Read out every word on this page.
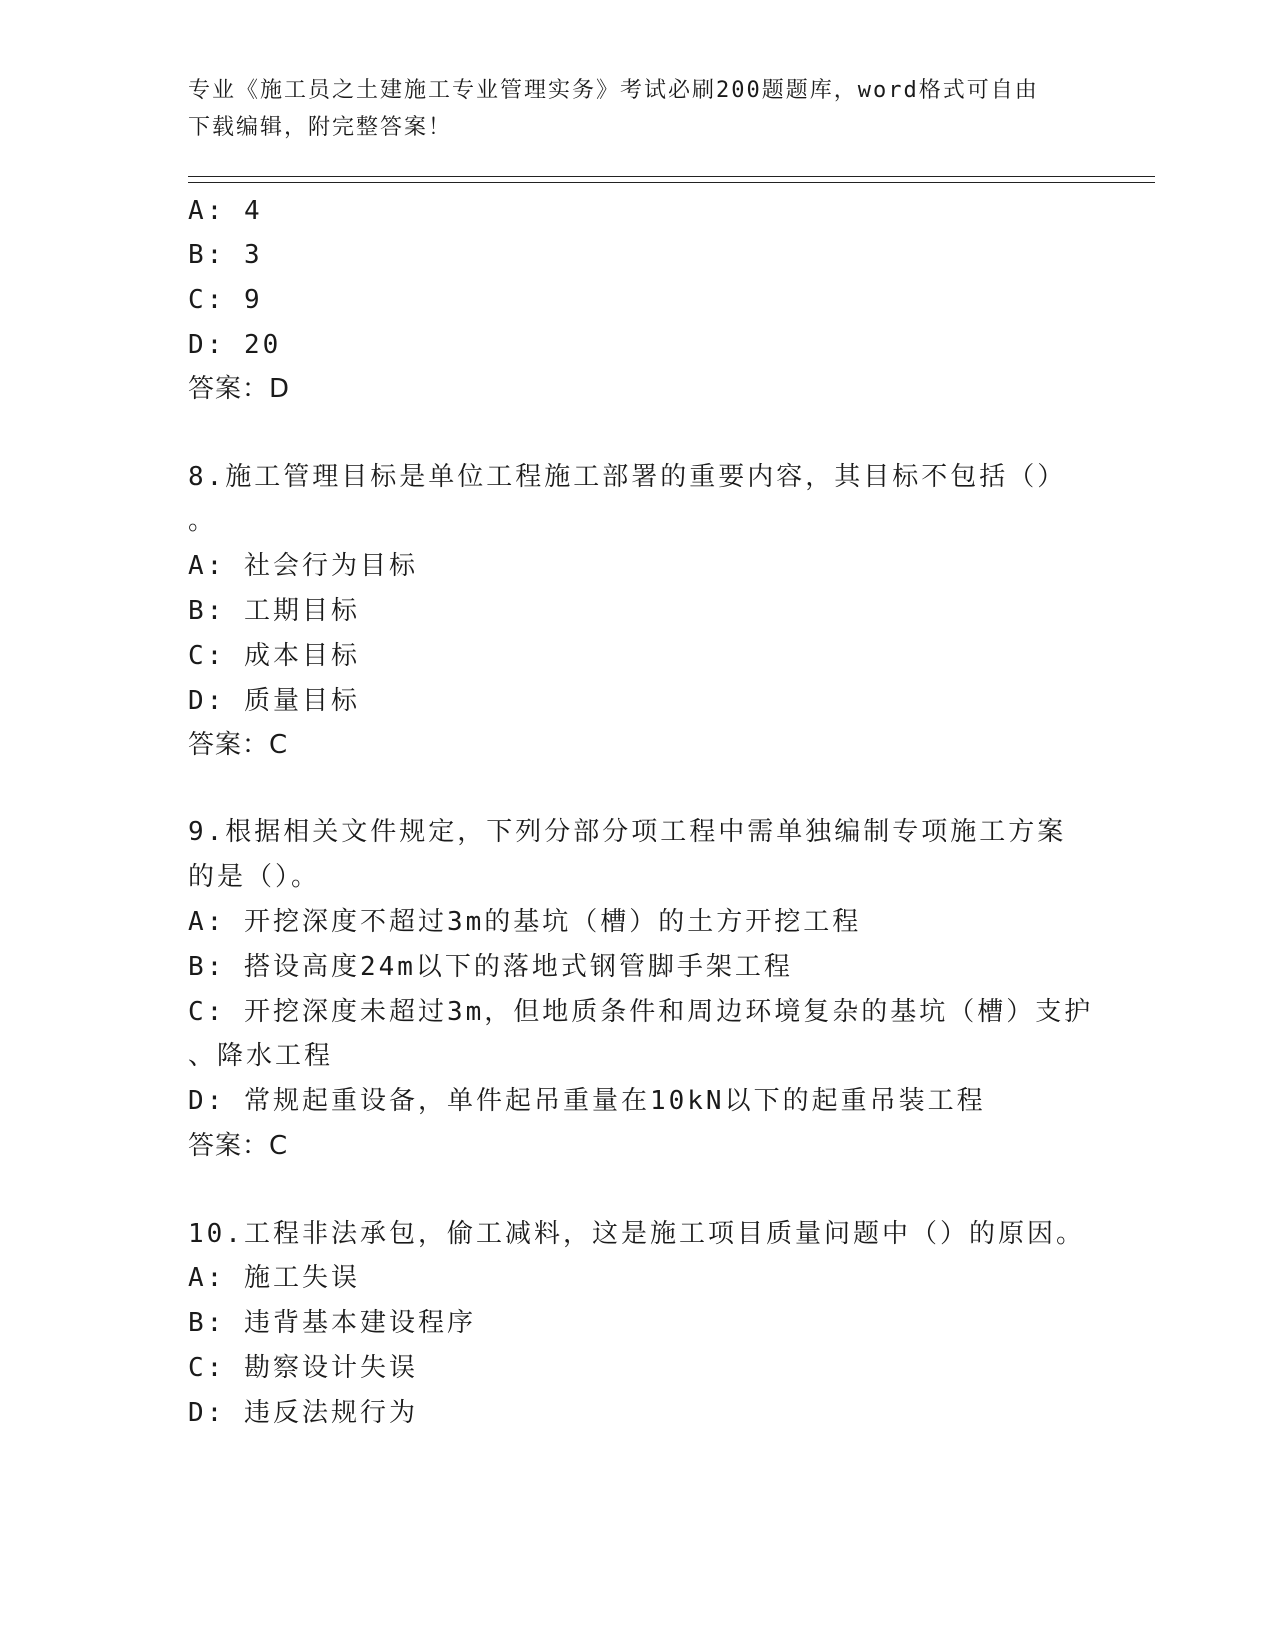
专业《施工员之土建施工专业管理实务》考试必刷200题题库，word格式可自由
下载编辑，附完整答案！
A: 4
B: 3
C: 9
D: 20
答案：D
8.施工管理目标是单位工程施工部署的重要内容，其目标不包括（）
。
A: 社会行为目标
B: 工期目标
C: 成本目标
D: 质量目标
答案：C
9.根据相关文件规定，下列分部分项工程中需单独编制专项施工方案
的是（）。
A: 开挖深度不超过3m的基坑（槽）的土方开挖工程
B: 搭设高度24m以下的落地式钢管脚手架工程
C: 开挖深度未超过3m，但地质条件和周边环境复杂的基坑（槽）支护
、降水工程
D: 常规起重设备，单件起吊重量在10kN以下的起重吊装工程
答案：C
10.工程非法承包，偷工减料，这是施工项目质量问题中（）的原因。
A: 施工失误
B: 违背基本建设程序
C: 勘察设计失误
D: 违反法规行为
